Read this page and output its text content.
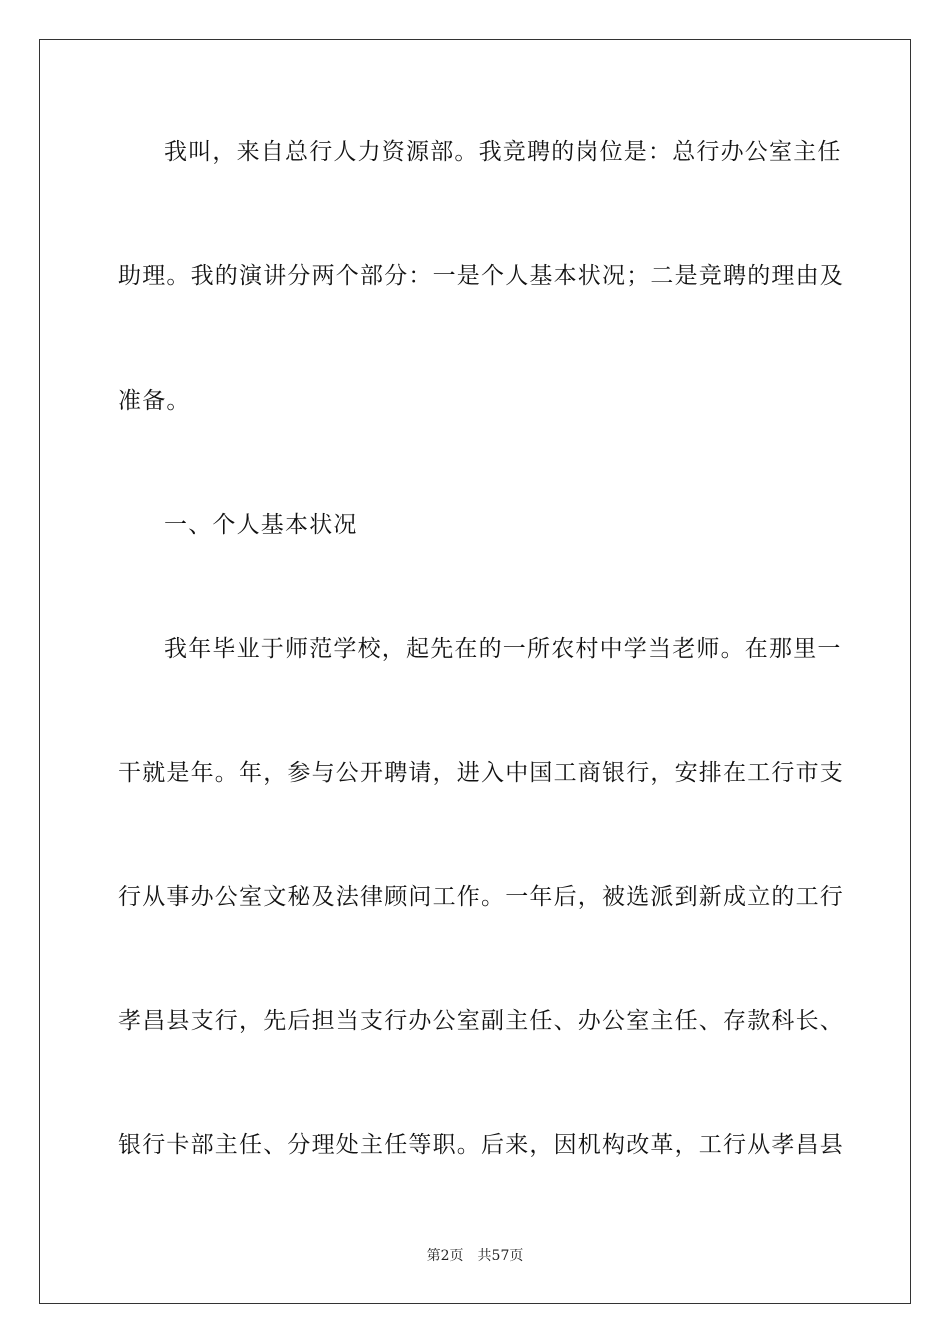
我叫，来自总行人力资源部。我竞聘的岗位是：总行办公室主任
助理。我的演讲分两个部分：一是个人基本状况；二是竞聘的理由及
准备。
一、个人基本状况
我年毕业于师范学校，起先在的一所农村中学当老师。在那里一
干就是年。年，参与公开聘请，进入中国工商银行，安排在工行市支
行从事办公室文秘及法律顾问工作。一年后，被选派到新成立的工行
孝昌县支行，先后担当支行办公室副主任、办公室主任、存款科长、
银行卡部主任、分理处主任等职。后来，因机构改革，工行从孝昌县
第2页 共57页
